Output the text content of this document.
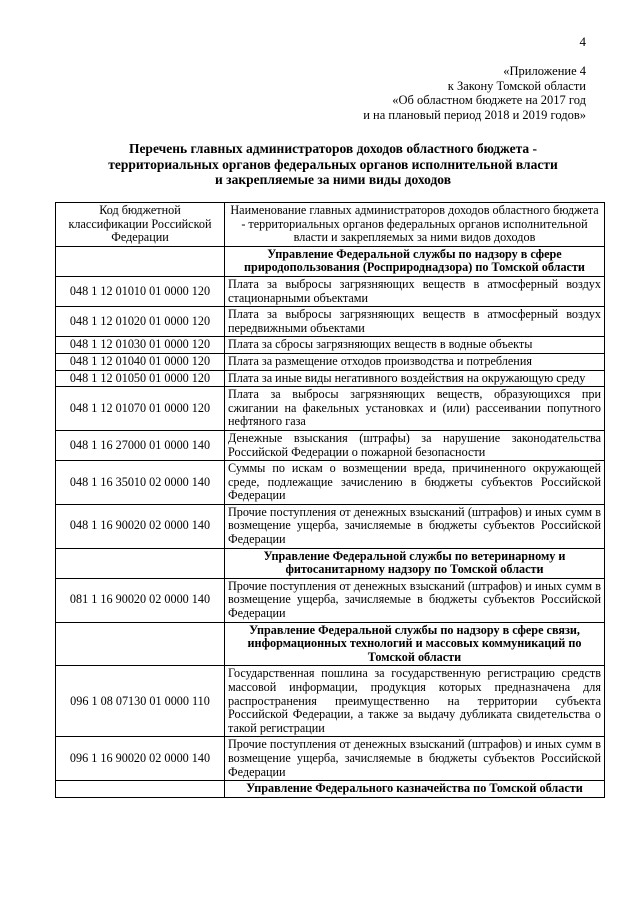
4
«Приложение 4
к Закону Томской области
«Об областном бюджете на 2017 год
и на плановый период 2018 и 2019 годов»
Перечень главных администраторов доходов областного бюджета -
территориальных органов федеральных органов исполнительной власти
и закрепляемые за ними виды доходов
Код бюджетной классификации Российской Федерации	Наименование главных администраторов доходов областного бюджета - территориальных органов федеральных органов исполнительной власти и закрепляемых за ними видов доходов
	Управление Федеральной службы по надзору в сфере природопользования (Росприроднадзора) по Томской области
048 1 12 01010 01 0000 120	Плата за выбросы загрязняющих веществ в атмосферный воздух стационарными объектами
048 1 12 01020 01 0000 120	Плата за выбросы загрязняющих веществ в атмосферный воздух передвижными объектами
048 1 12 01030 01 0000 120	Плата за сбросы загрязняющих веществ в водные объекты
048 1 12 01040 01 0000 120	Плата за размещение отходов производства и потребления
048 1 12 01050 01 0000 120	Плата за иные виды негативного воздействия на окружающую среду
048 1 12 01070 01 0000 120	Плата за выбросы загрязняющих веществ, образующихся при сжигании на факельных установках и (или) рассеивании попутного нефтяного газа
048 1 16 27000 01 0000 140	Денежные взыскания (штрафы) за нарушение законодательства Российской Федерации о пожарной безопасности
048 1 16 35010 02 0000 140	Суммы по искам о возмещении вреда, причиненного окружающей среде, подлежащие зачислению в бюджеты субъектов Российской Федерации
048 1 16 90020 02 0000 140	Прочие поступления от денежных взысканий (штрафов) и иных сумм в возмещение ущерба, зачисляемые в бюджеты субъектов Российской Федерации
	Управление Федеральной службы по ветеринарному и фитосанитарному надзору по Томской области
081 1 16 90020 02 0000 140	Прочие поступления от денежных взысканий (штрафов) и иных сумм в возмещение ущерба, зачисляемые в бюджеты субъектов Российской Федерации
	Управление Федеральной службы по надзору в сфере связи, информационных технологий и массовых коммуникаций по Томской области
096 1 08 07130 01 0000 110	Государственная пошлина за государственную регистрацию средств массовой информации, продукция которых предназначена для распространения преимущественно на территории субъекта Российской Федерации, а также за выдачу дубликата свидетельства о такой регистрации
096 1 16 90020 02 0000 140	Прочие поступления от денежных взысканий (штрафов) и иных сумм в возмещение ущерба, зачисляемые в бюджеты субъектов Российской Федерации
	Управление Федерального казначейства по Томской области
